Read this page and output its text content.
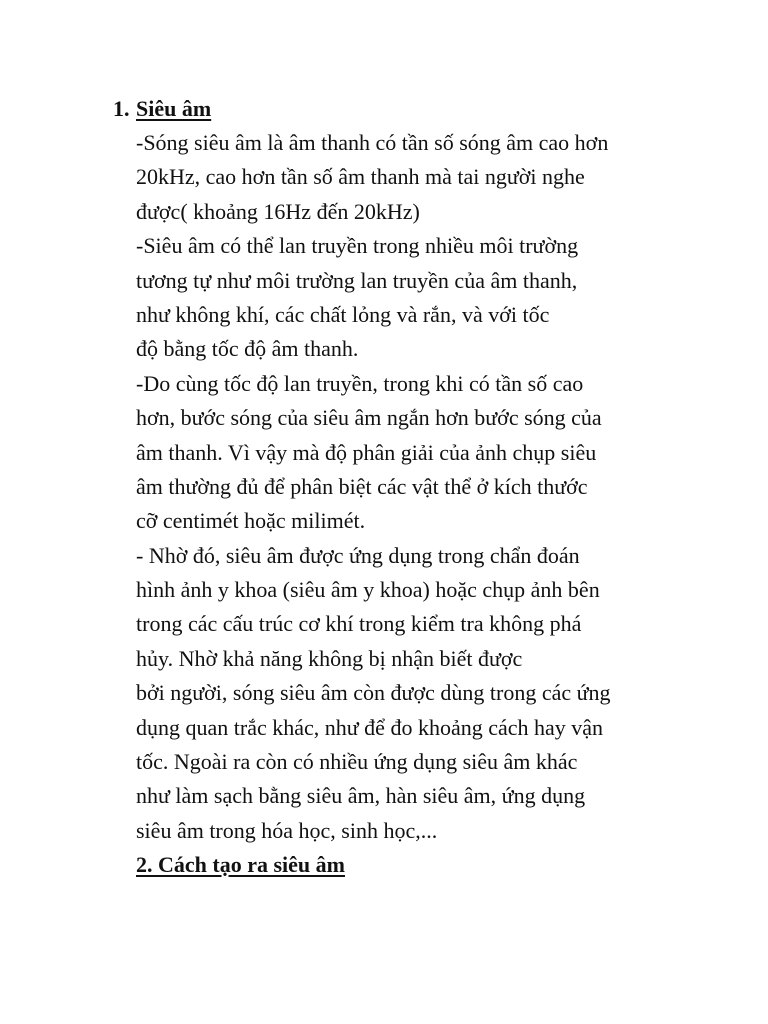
1. Siêu âm
-Sóng siêu âm là âm thanh có tần số sóng âm cao hơn
20kHz, cao hơn tần số âm thanh mà tai người nghe
được( khoảng 16Hz đến 20kHz)
-Siêu âm có thể lan truyền trong nhiều môi trường
tương tự như môi trường lan truyền của âm thanh,
như không khí, các chất lỏng và rắn, và với tốc
độ bằng tốc độ âm thanh.
-Do cùng tốc độ lan truyền, trong khi có tần số cao
hơn, bước sóng của siêu âm ngắn hơn bước sóng của
âm thanh. Vì vậy mà độ phân giải của ảnh chụp siêu
âm thường đủ để phân biệt các vật thể ở kích thước
cỡ centimét hoặc milimét.
- Nhờ đó, siêu âm được ứng dụng trong chẩn đoán
hình ảnh y khoa (siêu âm y khoa) hoặc chụp ảnh bên
trong các cấu trúc cơ khí trong kiểm tra không phá
hủy. Nhờ khả năng không bị nhận biết được
bởi người, sóng siêu âm còn được dùng trong các ứng
dụng quan trắc khác, như để đo khoảng cách hay vận
tốc. Ngoài ra còn có nhiều ứng dụng siêu âm khác
như làm sạch bằng siêu âm, hàn siêu âm, ứng dụng
siêu âm trong hóa học, sinh học,...
2. Cách tạo ra siêu âm
